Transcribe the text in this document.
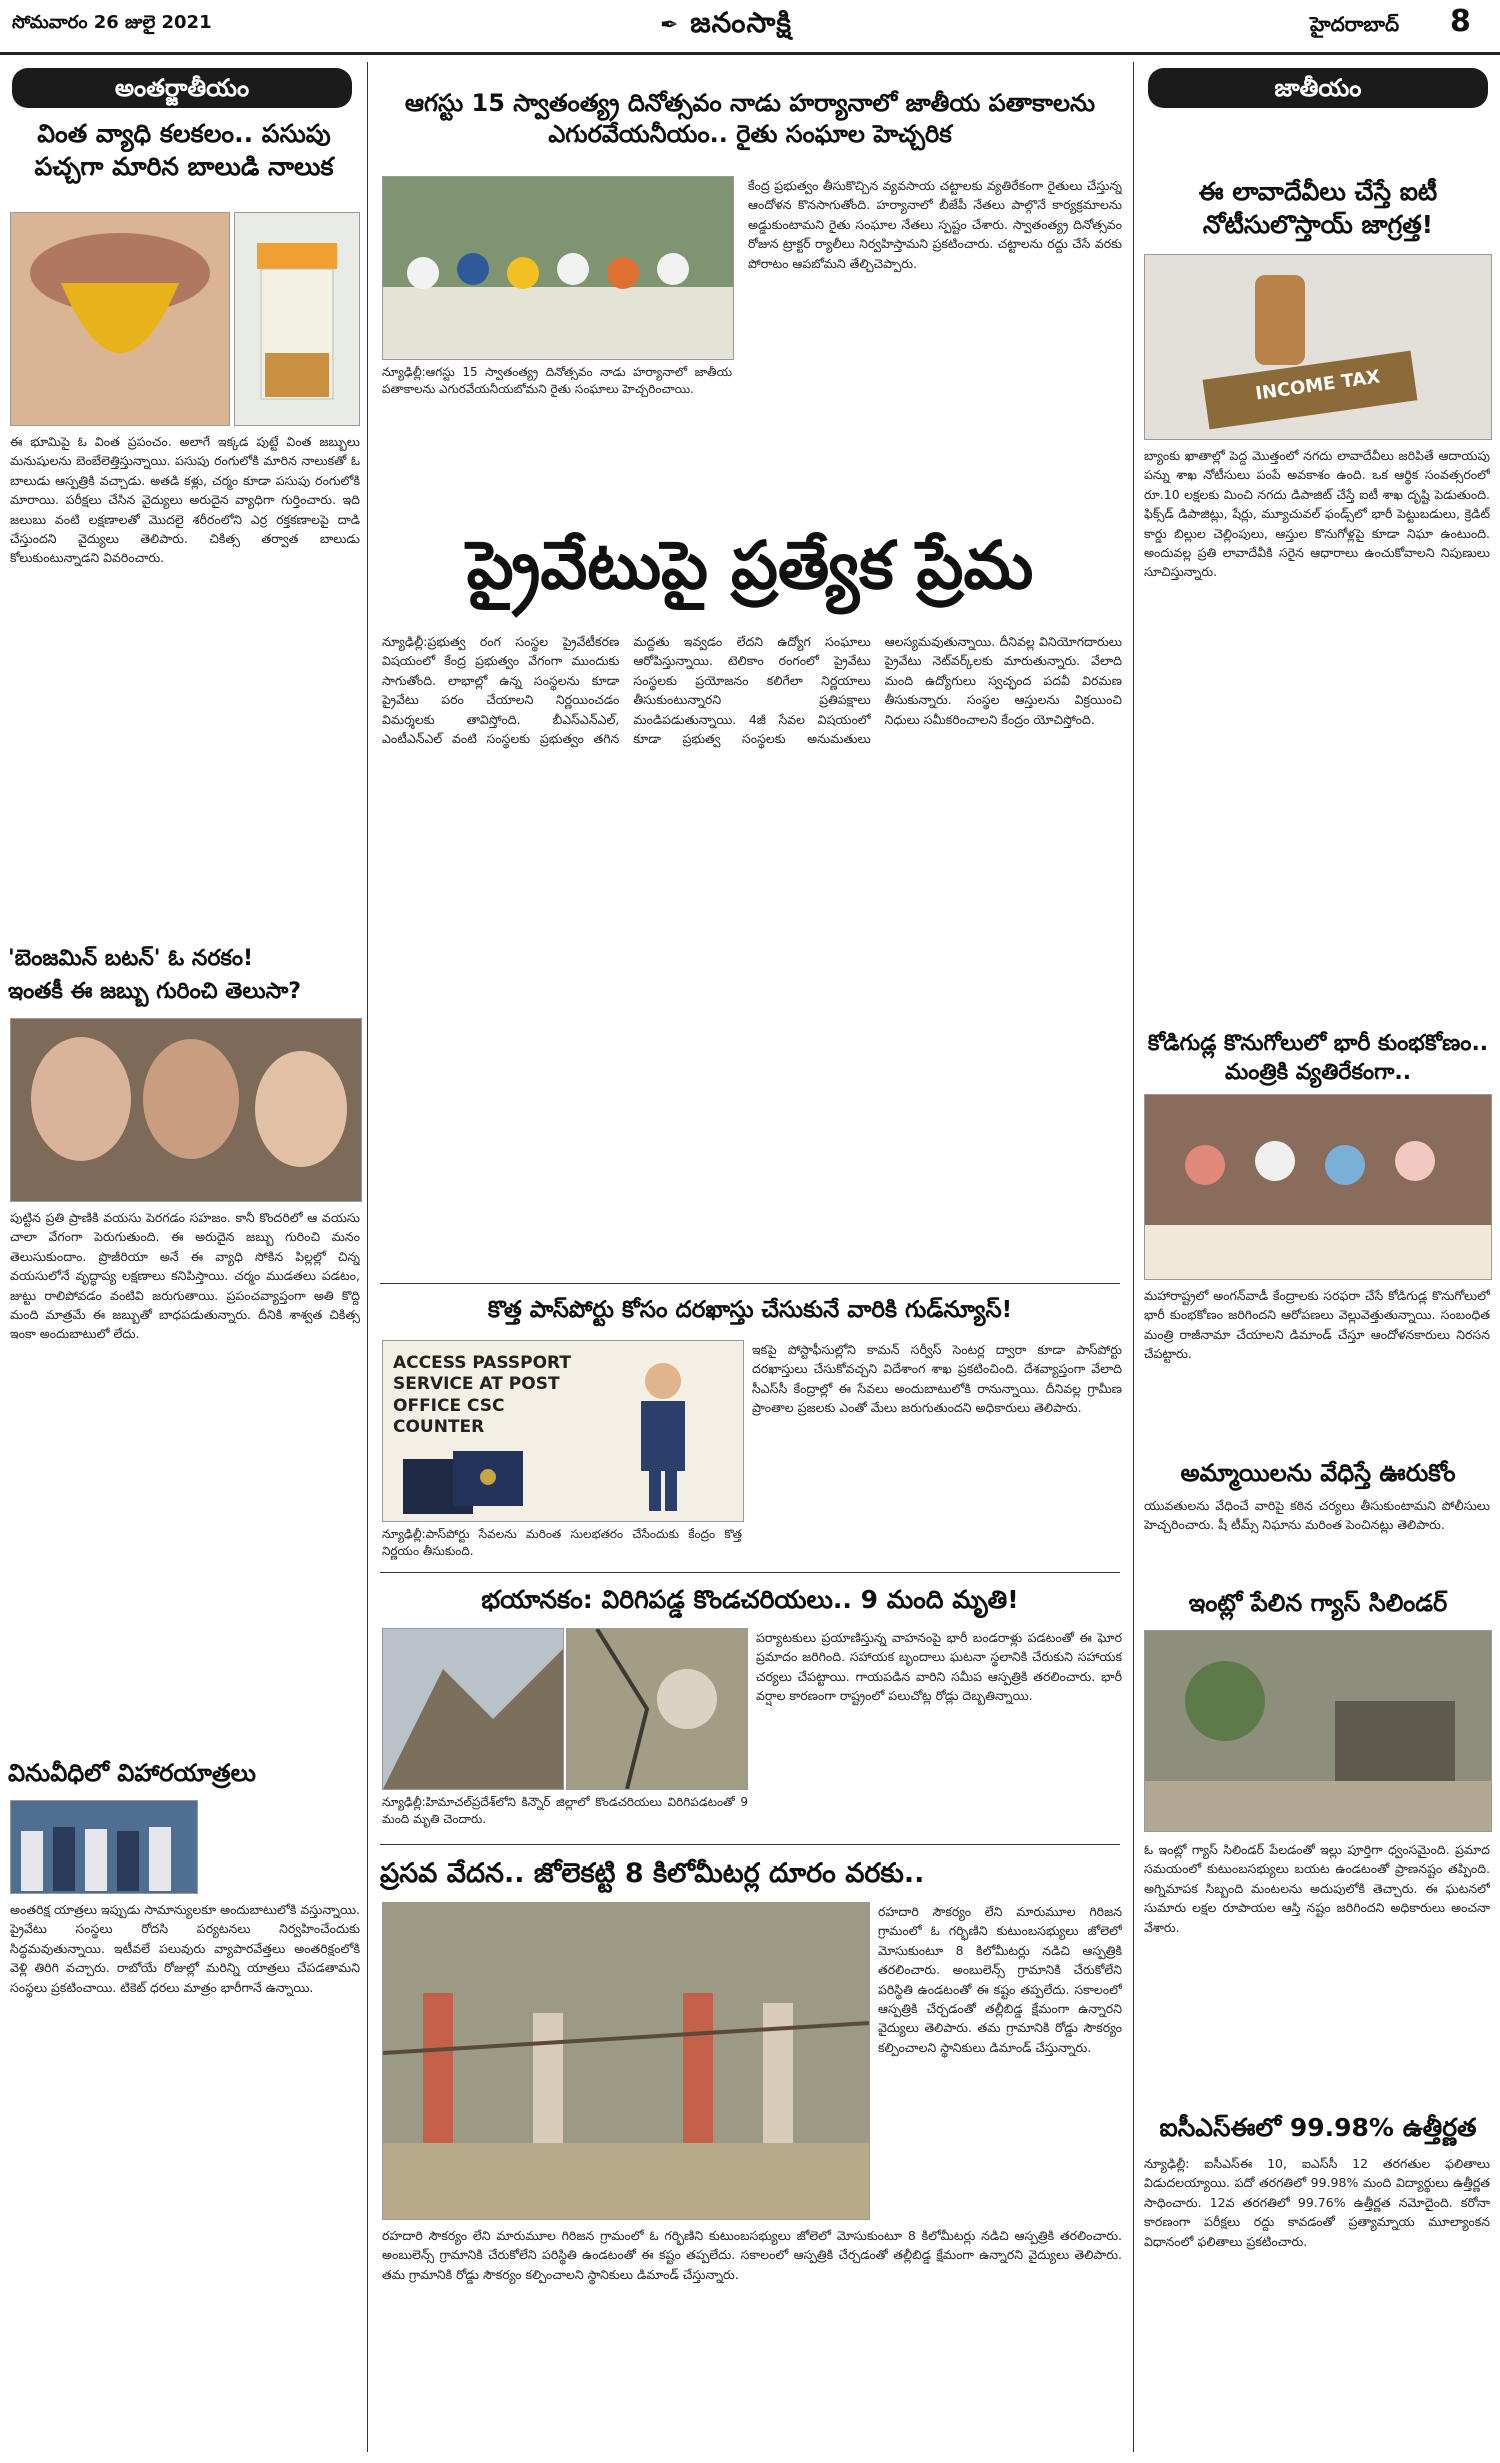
సోమవారం 26 జులై 2021	✒ జనంసాక్షి	హైదరాబాద్ 8
అంతర్జాతీయం
వింత వ్యాధి కలకలం.. పసుపు పచ్చగా మారిన బాలుడి నాలుక
ఈ భూమిపై ఓ వింత ప్రపంచం. అలాగే ఇక్కడ పుట్టే వింత జబ్బులు మనుషులను బెంబేలెత్తిస్తున్నాయి. పసుపు రంగులోకి మారిన నాలుకతో ఓ బాలుడు ఆస్పత్రికి వచ్చాడు. అతడి కళ్లు, చర్మం కూడా పసుపు రంగులోకి మారాయి. పరీక్షలు చేసిన వైద్యులు అరుదైన వ్యాధిగా గుర్తించారు. ఇది జలుబు వంటి లక్షణాలతో మొదలై శరీరంలోని ఎర్ర రక్తకణాలపై దాడి చేస్తుందని వైద్యులు తెలిపారు. చికిత్స తర్వాత బాలుడు కోలుకుంటున్నాడని వివరించారు.
'బెంజమిన్ బటన్' ఓ నరకం!
ఇంతకీ ఈ జబ్బు గురించి తెలుసా?
పుట్టిన ప్రతి ప్రాణికి వయసు పెరగడం సహజం. కానీ కొందరిలో ఆ వయసు చాలా వేగంగా పెరుగుతుంది. ఈ అరుదైన జబ్బు గురించి మనం తెలుసుకుందాం. ప్రొజీరియా అనే ఈ వ్యాధి సోకిన పిల్లల్లో చిన్న వయసులోనే వృద్ధాప్య లక్షణాలు కనిపిస్తాయి. చర్మం ముడతలు పడటం, జుట్టు రాలిపోవడం వంటివి జరుగుతాయి. ప్రపంచవ్యాప్తంగా అతి కొద్ది మంది మాత్రమే ఈ జబ్బుతో బాధపడుతున్నారు. దీనికి శాశ్వత చికిత్స ఇంకా అందుబాటులో లేదు.
వినువీధిలో విహారయాత్రలు
అంతరిక్ష యాత్రలు ఇప్పుడు సామాన్యులకూ అందుబాటులోకి వస్తున్నాయి. ప్రైవేటు సంస్థలు రోదసి పర్యటనలు నిర్వహించేందుకు సిద్ధమవుతున్నాయి. ఇటీవలే పలువురు వ్యాపారవేత్తలు అంతరిక్షంలోకి వెళ్లి తిరిగి వచ్చారు. రాబోయే రోజుల్లో మరిన్ని యాత్రలు చేపడతామని సంస్థలు ప్రకటించాయి. టికెట్ ధరలు మాత్రం భారీగానే ఉన్నాయి.
ఆగస్టు 15 స్వాతంత్య్ర దినోత్సవం నాడు హర్యానాలో జాతీయ పతాకాలను ఎగురవేయనీయం.. రైతు సంఘాల హెచ్చరిక
న్యూఢిల్లీ:ఆగస్టు 15 స్వాతంత్య్ర దినోత్సవం నాడు హర్యానాలో జాతీయ పతాకాలను ఎగురవేయనీయబోమని రైతు సంఘాలు హెచ్చరించాయి.
కేంద్ర ప్రభుత్వం తీసుకొచ్చిన వ్యవసాయ చట్టాలకు వ్యతిరేకంగా రైతులు చేస్తున్న ఆందోళన కొనసాగుతోంది. హర్యానాలో బీజేపీ నేతలు పాల్గొనే కార్యక్రమాలను అడ్డుకుంటామని రైతు సంఘాల నేతలు స్పష్టం చేశారు. స్వాతంత్య్ర దినోత్సవం రోజున ట్రాక్టర్ ర్యాలీలు నిర్వహిస్తామని ప్రకటించారు. చట్టాలను రద్దు చేసే వరకు పోరాటం ఆపబోమని తేల్చిచెప్పారు.
ప్రైవేటుపై ప్రత్యేక ప్రేమ
న్యూఢిల్లీ:ప్రభుత్వ రంగ సంస్థల ప్రైవేటీకరణ విషయంలో కేంద్ర ప్రభుత్వం వేగంగా ముందుకు సాగుతోంది. లాభాల్లో ఉన్న సంస్థలను కూడా ప్రైవేటు పరం చేయాలని నిర్ణయించడం విమర్శలకు తావిస్తోంది. బీఎస్ఎన్ఎల్, ఎంటీఎన్ఎల్ వంటి సంస్థలకు ప్రభుత్వం తగిన మద్దతు ఇవ్వడం లేదని ఉద్యోగ సంఘాలు ఆరోపిస్తున్నాయి. టెలికాం రంగంలో ప్రైవేటు సంస్థలకు ప్రయోజనం కలిగేలా నిర్ణయాలు తీసుకుంటున్నారని ప్రతిపక్షాలు మండిపడుతున్నాయి. 4జీ సేవల విషయంలో కూడా ప్రభుత్వ సంస్థలకు అనుమతులు ఆలస్యమవుతున్నాయి. దీనివల్ల వినియోగదారులు ప్రైవేటు నెట్‌వర్క్‌లకు మారుతున్నారు. వేలాది మంది ఉద్యోగులు స్వచ్ఛంద పదవీ విరమణ తీసుకున్నారు. సంస్థల ఆస్తులను విక్రయించి నిధులు సమీకరించాలని కేంద్రం యోచిస్తోంది.
కొత్త పాస్‌పోర్టు కోసం దరఖాస్తు చేసుకునే వారికి గుడ్‌న్యూస్!
ACCESS PASSPORT SERVICE AT POST OFFICE CSC COUNTER
న్యూఢిల్లీ:పాస్‌పోర్టు సేవలను మరింత సులభతరం చేసేందుకు కేంద్రం కొత్త నిర్ణయం తీసుకుంది.
ఇకపై పోస్టాఫీసుల్లోని కామన్ సర్వీస్ సెంటర్ల ద్వారా కూడా పాస్‌పోర్టు దరఖాస్తులు చేసుకోవచ్చని విదేశాంగ శాఖ ప్రకటించింది. దేశవ్యాప్తంగా వేలాది సీఎస్‌సీ కేంద్రాల్లో ఈ సేవలు అందుబాటులోకి రానున్నాయి. దీనివల్ల గ్రామీణ ప్రాంతాల ప్రజలకు ఎంతో మేలు జరుగుతుందని అధికారులు తెలిపారు.
భయానకం: విరిగిపడ్డ కొండచరియలు.. 9 మంది మృతి!
న్యూఢిల్లీ:హిమాచల్‌ప్రదేశ్‌లోని కిన్నౌర్ జిల్లాలో కొండచరియలు విరిగిపడటంతో 9 మంది మృతి చెందారు.
పర్యాటకులు ప్రయాణిస్తున్న వాహనంపై భారీ బండరాళ్లు పడటంతో ఈ ఘోర ప్రమాదం జరిగింది. సహాయక బృందాలు ఘటనా స్థలానికి చేరుకుని సహాయక చర్యలు చేపట్టాయి. గాయపడిన వారిని సమీప ఆస్పత్రికి తరలించారు. భారీ వర్షాల కారణంగా రాష్ట్రంలో పలుచోట్ల రోడ్లు దెబ్బతిన్నాయి.
ప్రసవ వేదన.. జోలెకట్టి 8 కిలోమీటర్ల దూరం వరకు..
రహదారి సౌకర్యం లేని మారుమూల గిరిజన గ్రామంలో ఓ గర్భిణిని కుటుంబసభ్యులు జోలెలో మోసుకుంటూ 8 కిలోమీటర్లు నడిచి ఆస్పత్రికి తరలించారు. అంబులెన్స్ గ్రామానికి చేరుకోలేని పరిస్థితి ఉండటంతో ఈ కష్టం తప్పలేదు. సకాలంలో ఆస్పత్రికి చేర్చడంతో తల్లీబిడ్డ క్షేమంగా ఉన్నారని వైద్యులు తెలిపారు. తమ గ్రామానికి రోడ్డు సౌకర్యం కల్పించాలని స్థానికులు డిమాండ్ చేస్తున్నారు.
రహదారి సౌకర్యం లేని మారుమూల గిరిజన గ్రామంలో ఓ గర్భిణిని కుటుంబసభ్యులు జోలెలో మోసుకుంటూ 8 కిలోమీటర్లు నడిచి ఆస్పత్రికి తరలించారు. అంబులెన్స్ గ్రామానికి చేరుకోలేని పరిస్థితి ఉండటంతో ఈ కష్టం తప్పలేదు. సకాలంలో ఆస్పత్రికి చేర్చడంతో తల్లీబిడ్డ క్షేమంగా ఉన్నారని వైద్యులు తెలిపారు. తమ గ్రామానికి రోడ్డు సౌకర్యం కల్పించాలని స్థానికులు డిమాండ్ చేస్తున్నారు.
జాతీయం
ఈ లావాదేవీలు చేస్తే ఐటీ నోటీసులొస్తాయ్ జాగ్రత్త!
INCOME TAX
బ్యాంకు ఖాతాల్లో పెద్ద మొత్తంలో నగదు లావాదేవీలు జరిపితే ఆదాయపు పన్ను శాఖ నోటీసులు పంపే అవకాశం ఉంది. ఒక ఆర్థిక సంవత్సరంలో రూ.10 లక్షలకు మించి నగదు డిపాజిట్ చేస్తే ఐటీ శాఖ దృష్టి పెడుతుంది. ఫిక్స్‌డ్ డిపాజిట్లు, షేర్లు, మ్యూచువల్ ఫండ్స్‌లో భారీ పెట్టుబడులు, క్రెడిట్ కార్డు బిల్లుల చెల్లింపులు, ఆస్తుల కొనుగోళ్లపై కూడా నిఘా ఉంటుంది. అందువల్ల ప్రతి లావాదేవీకి సరైన ఆధారాలు ఉంచుకోవాలని నిపుణులు సూచిస్తున్నారు.
కోడిగుడ్ల కొనుగోలులో భారీ కుంభకోణం.. మంత్రికి వ్యతిరేకంగా..
మహారాష్ట్రలో అంగన్‌వాడీ కేంద్రాలకు సరఫరా చేసే కోడిగుడ్ల కొనుగోలులో భారీ కుంభకోణం జరిగిందని ఆరోపణలు వెల్లువెత్తుతున్నాయి. సంబంధిత మంత్రి రాజీనామా చేయాలని డిమాండ్ చేస్తూ ఆందోళనకారులు నిరసన చేపట్టారు.
అమ్మాయిలను వేధిస్తే ఊరుకోం
యువతులను వేధించే వారిపై కఠిన చర్యలు తీసుకుంటామని పోలీసులు హెచ్చరించారు. షీ టీమ్స్ నిఘాను మరింత పెంచినట్లు తెలిపారు.
ఇంట్లో పేలిన గ్యాస్ సిలిండర్
ఓ ఇంట్లో గ్యాస్ సిలిండర్ పేలడంతో ఇల్లు పూర్తిగా ధ్వంసమైంది. ప్రమాద సమయంలో కుటుంబసభ్యులు బయట ఉండటంతో ప్రాణనష్టం తప్పింది. అగ్నిమాపక సిబ్బంది మంటలను అదుపులోకి తెచ్చారు. ఈ ఘటనలో సుమారు లక్షల రూపాయల ఆస్తి నష్టం జరిగిందని అధికారులు అంచనా వేశారు.
ఐసీఎస్ఈలో 99.98% ఉత్తీర్ణత
న్యూఢిల్లీ: ఐసీఎస్ఈ 10, ఐఎస్‌సీ 12 తరగతుల ఫలితాలు విడుదలయ్యాయి. పదో తరగతిలో 99.98% మంది విద్యార్థులు ఉత్తీర్ణత సాధించారు. 12వ తరగతిలో 99.76% ఉత్తీర్ణత నమోదైంది. కరోనా కారణంగా పరీక్షలు రద్దు కావడంతో ప్రత్యామ్నాయ మూల్యాంకన విధానంలో ఫలితాలు ప్రకటించారు.
